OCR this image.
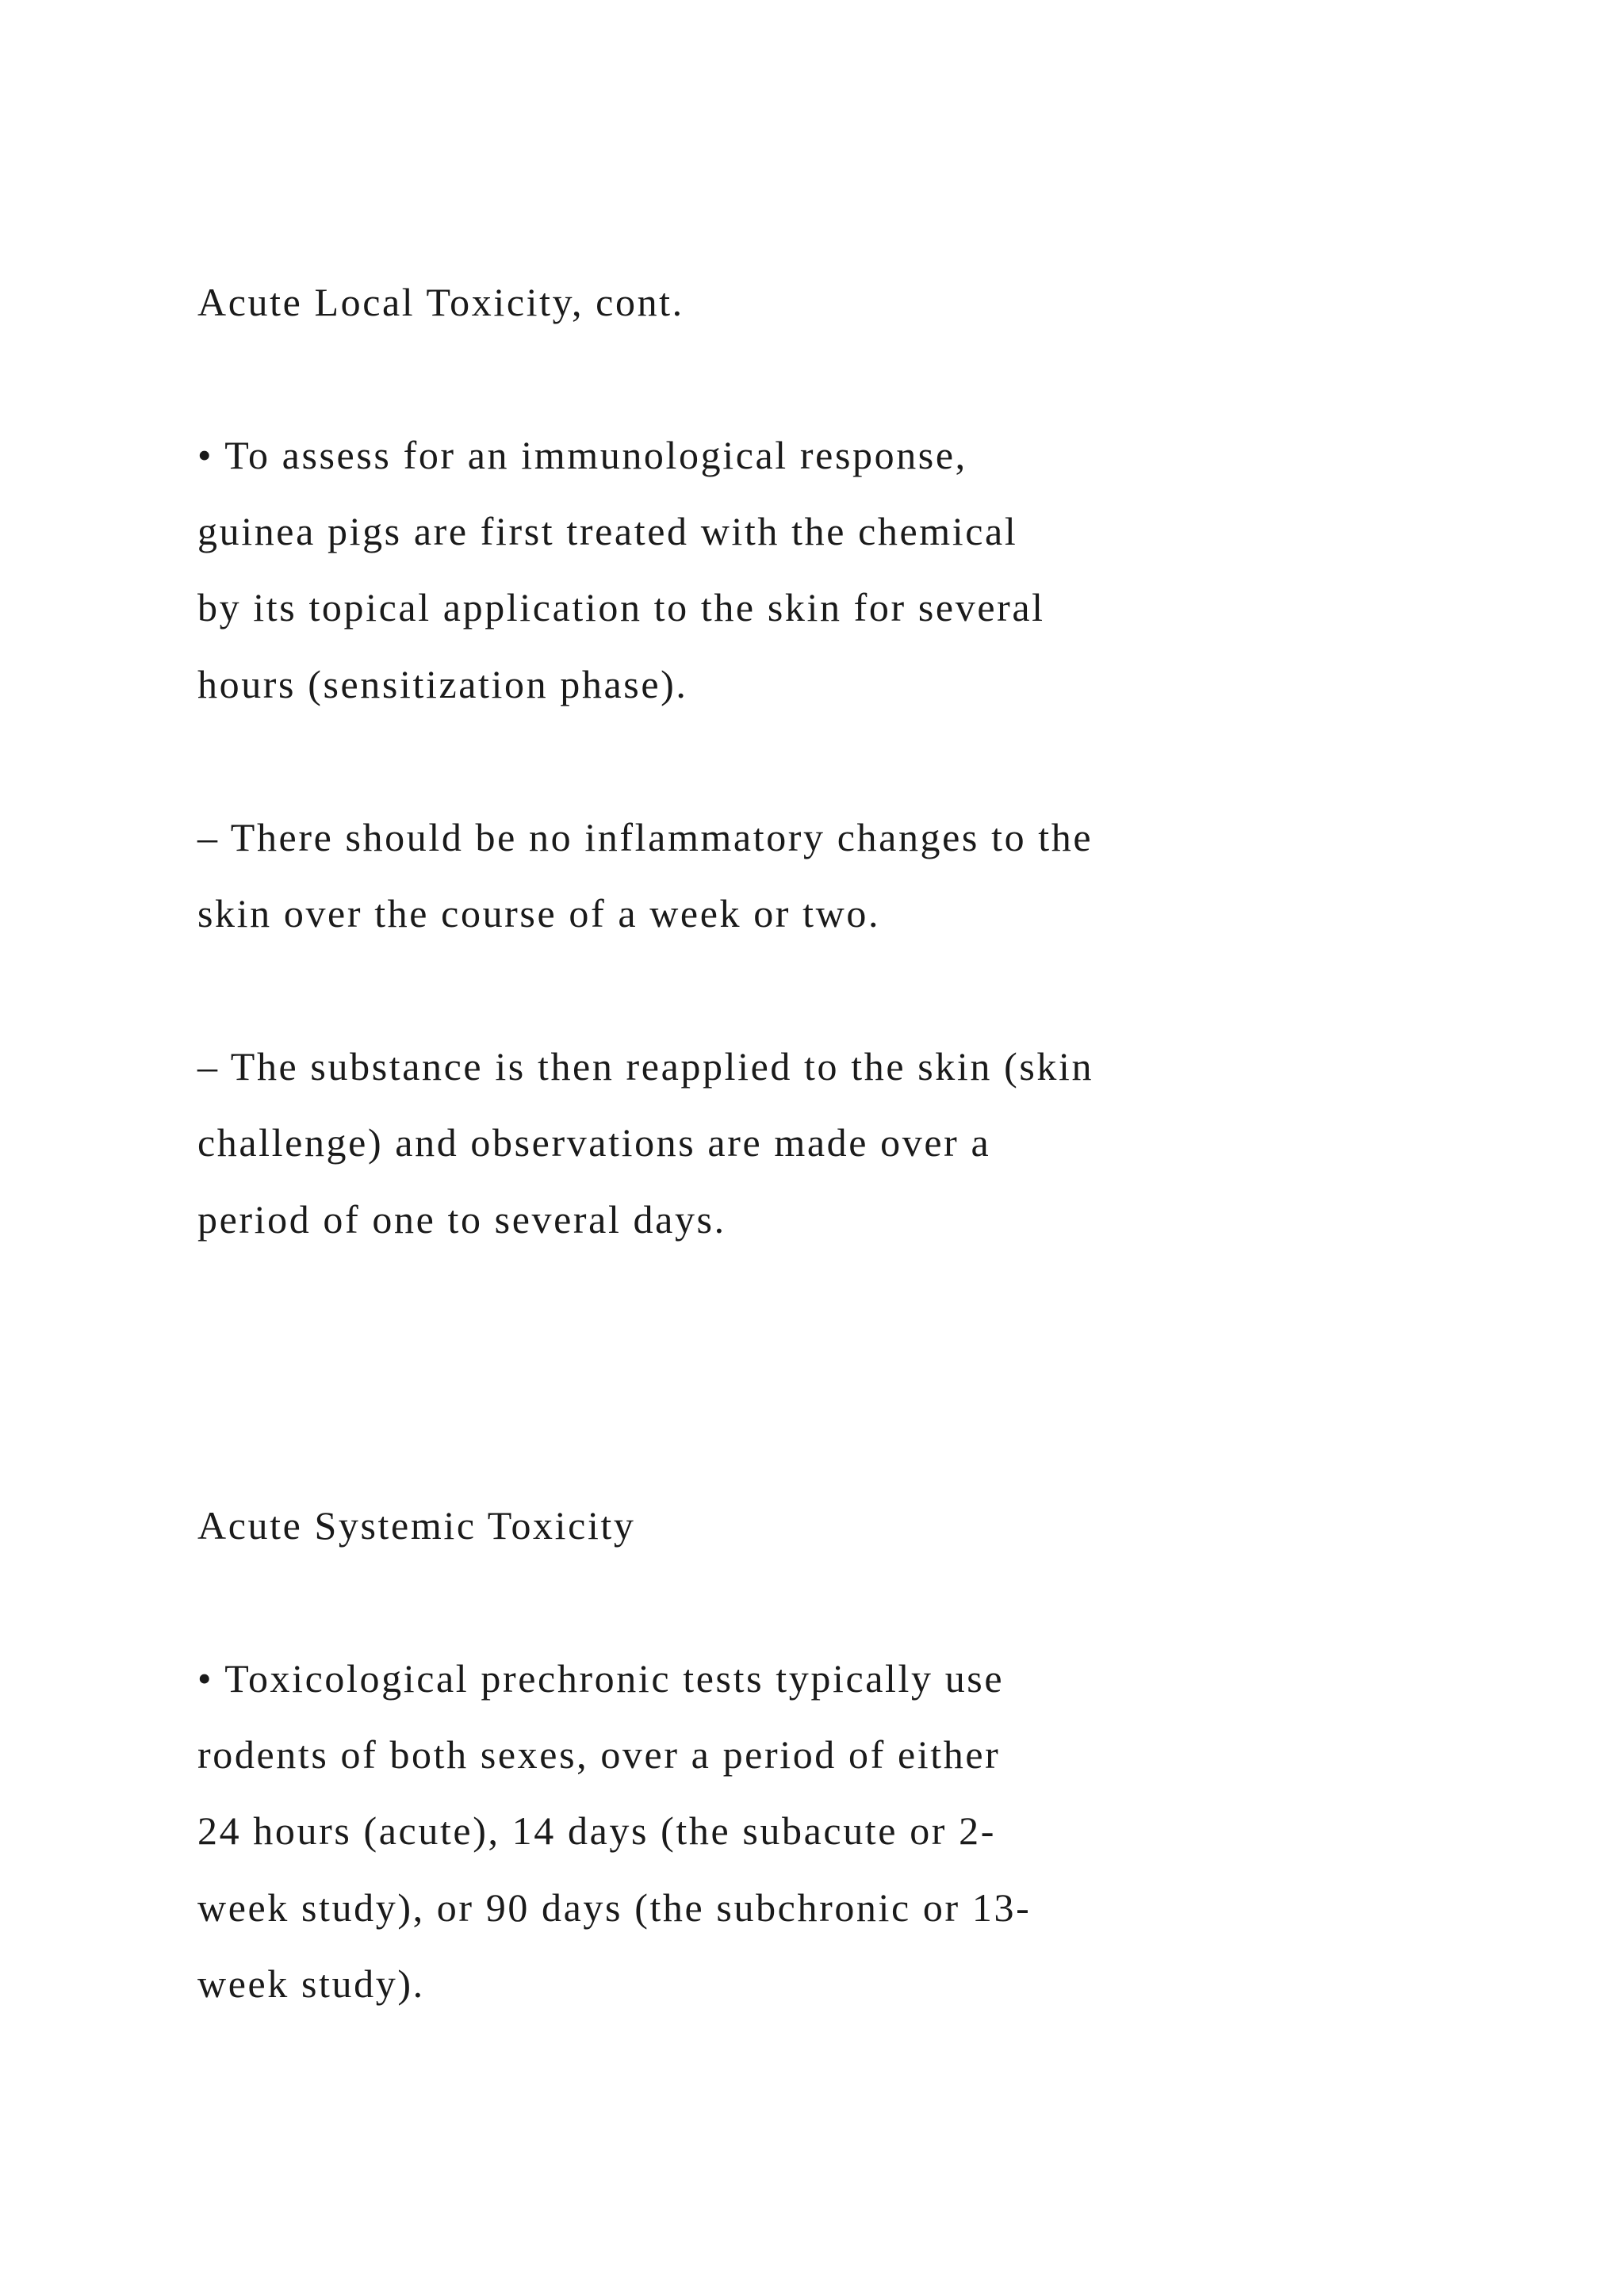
Acute Local Toxicity, cont.

• To assess for an immunological response,

guinea pigs are first treated with the chemical

by its topical application to the skin for several

hours (sensitization phase).

– There should be no inflammatory changes to the

skin over the course of a week or two.

– The substance is then reapplied to the skin (skin

challenge) and observations are made over a

period of one to several days.

Acute Systemic Toxicity

• Toxicological prechronic tests typically use

rodents of both sexes, over a period of either

24 hours (acute), 14 days (the subacute or 2-

week study), or 90 days (the subchronic or 13-

week study).
